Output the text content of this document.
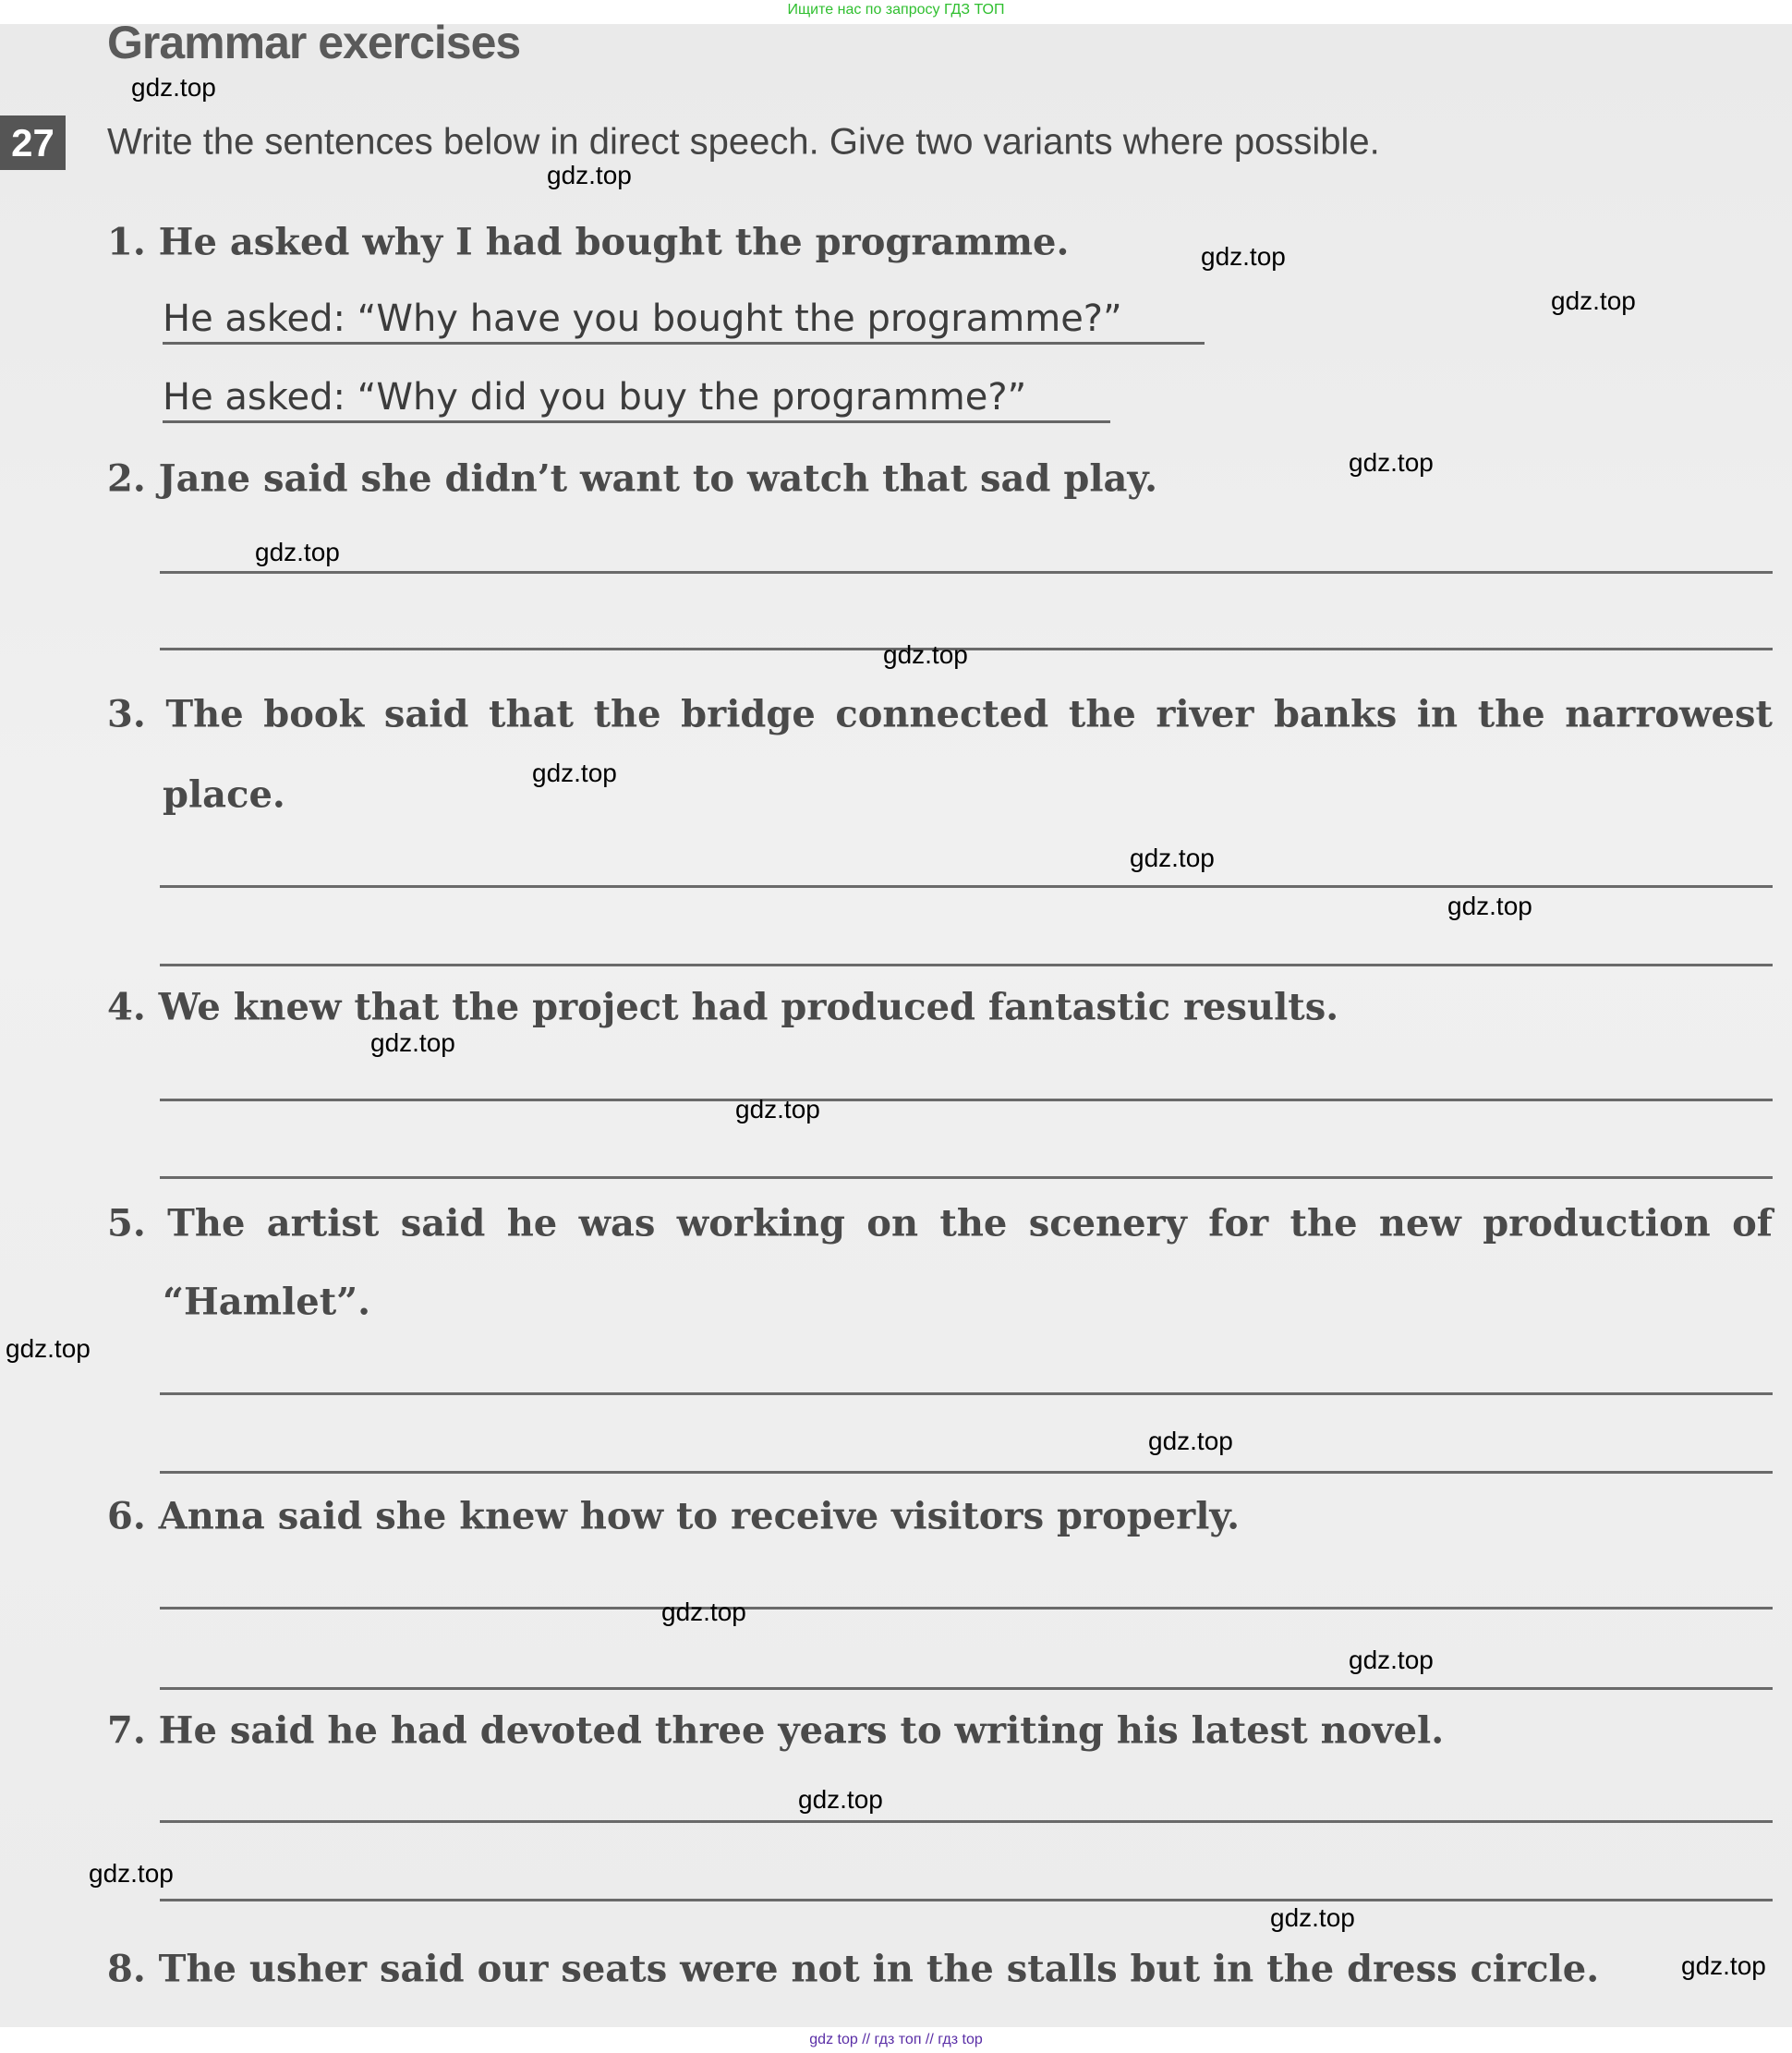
Ищите нас по запросу ГДЗ ТОП
Grammar exercises
27	Write the sentences below in direct speech. Give two variants where possible.
1. He asked why I had bought the programme.
He asked: “Why have you bought the programme?”
He asked: “Why did you buy the programme?”
2. Jane said she didn’t want to watch that sad play.
3. The book said that the bridge connected the river banks in the narrowest
place.
4. We knew that the project had produced fantastic results.
5. The artist said he was working on the scenery for the new production of
“Hamlet”.
6. Anna said she knew how to receive visitors properly.
7. He said he had devoted three years to writing his latest novel.
8. The usher said our seats were not in the stalls but in the dress circle.
gdz.top
gdz.top
gdz.top
gdz.top
gdz.top
gdz.top
gdz.top
gdz.top
gdz.top
gdz.top
gdz.top
gdz.top
gdz.top
gdz.top
gdz.top
gdz.top
gdz.top
gdz.top
gdz.top
gdz.top
gdz top // гдз топ // гдз top
